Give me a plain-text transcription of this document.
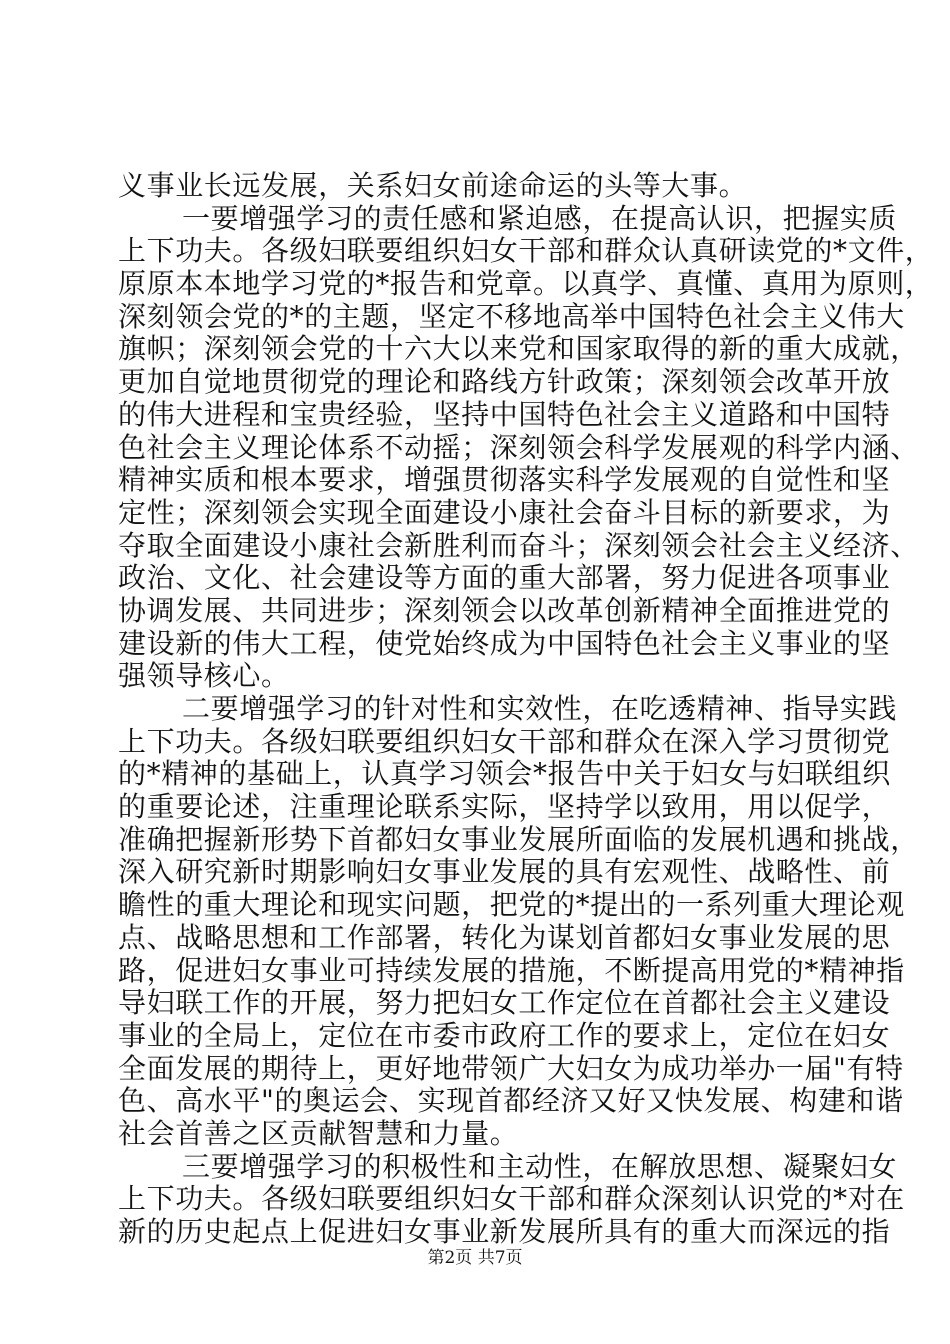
义事业长远发展，关系妇女前途命运的头等大事。
一要增强学习的责任感和紧迫感，在提高认识，把握实质
上下功夫。各级妇联要组织妇女干部和群众认真研读党的*文件，
原原本本地学习党的*报告和党章。以真学、真懂、真用为原则，
深刻领会党的*的主题，坚定不移地高举中国特色社会主义伟大
旗帜；深刻领会党的十六大以来党和国家取得的新的重大成就，
更加自觉地贯彻党的理论和路线方针政策；深刻领会改革开放
的伟大进程和宝贵经验，坚持中国特色社会主义道路和中国特
色社会主义理论体系不动摇；深刻领会科学发展观的科学内涵、
精神实质和根本要求，增强贯彻落实科学发展观的自觉性和坚
定性；深刻领会实现全面建设小康社会奋斗目标的新要求，为
夺取全面建设小康社会新胜利而奋斗；深刻领会社会主义经济、
政治、文化、社会建设等方面的重大部署，努力促进各项事业
协调发展、共同进步；深刻领会以改革创新精神全面推进党的
建设新的伟大工程，使党始终成为中国特色社会主义事业的坚
强领导核心。
二要增强学习的针对性和实效性，在吃透精神、指导实践
上下功夫。各级妇联要组织妇女干部和群众在深入学习贯彻党
的*精神的基础上，认真学习领会*报告中关于妇女与妇联组织
的重要论述，注重理论联系实际，坚持学以致用，用以促学，
准确把握新形势下首都妇女事业发展所面临的发展机遇和挑战，
深入研究新时期影响妇女事业发展的具有宏观性、战略性、前
瞻性的重大理论和现实问题，把党的*提出的一系列重大理论观
点、战略思想和工作部署，转化为谋划首都妇女事业发展的思
路，促进妇女事业可持续发展的措施，不断提高用党的*精神指
导妇联工作的开展，努力把妇女工作定位在首都社会主义建设
事业的全局上，定位在市委市政府工作的要求上，定位在妇女
全面发展的期待上，更好地带领广大妇女为成功举办一届"有特
色、高水平"的奥运会、实现首都经济又好又快发展、构建和谐
社会首善之区贡献智慧和力量。
三要增强学习的积极性和主动性，在解放思想、凝聚妇女
上下功夫。各级妇联要组织妇女干部和群众深刻认识党的*对在
新的历史起点上促进妇女事业新发展所具有的重大而深远的指
第2页 共7页
